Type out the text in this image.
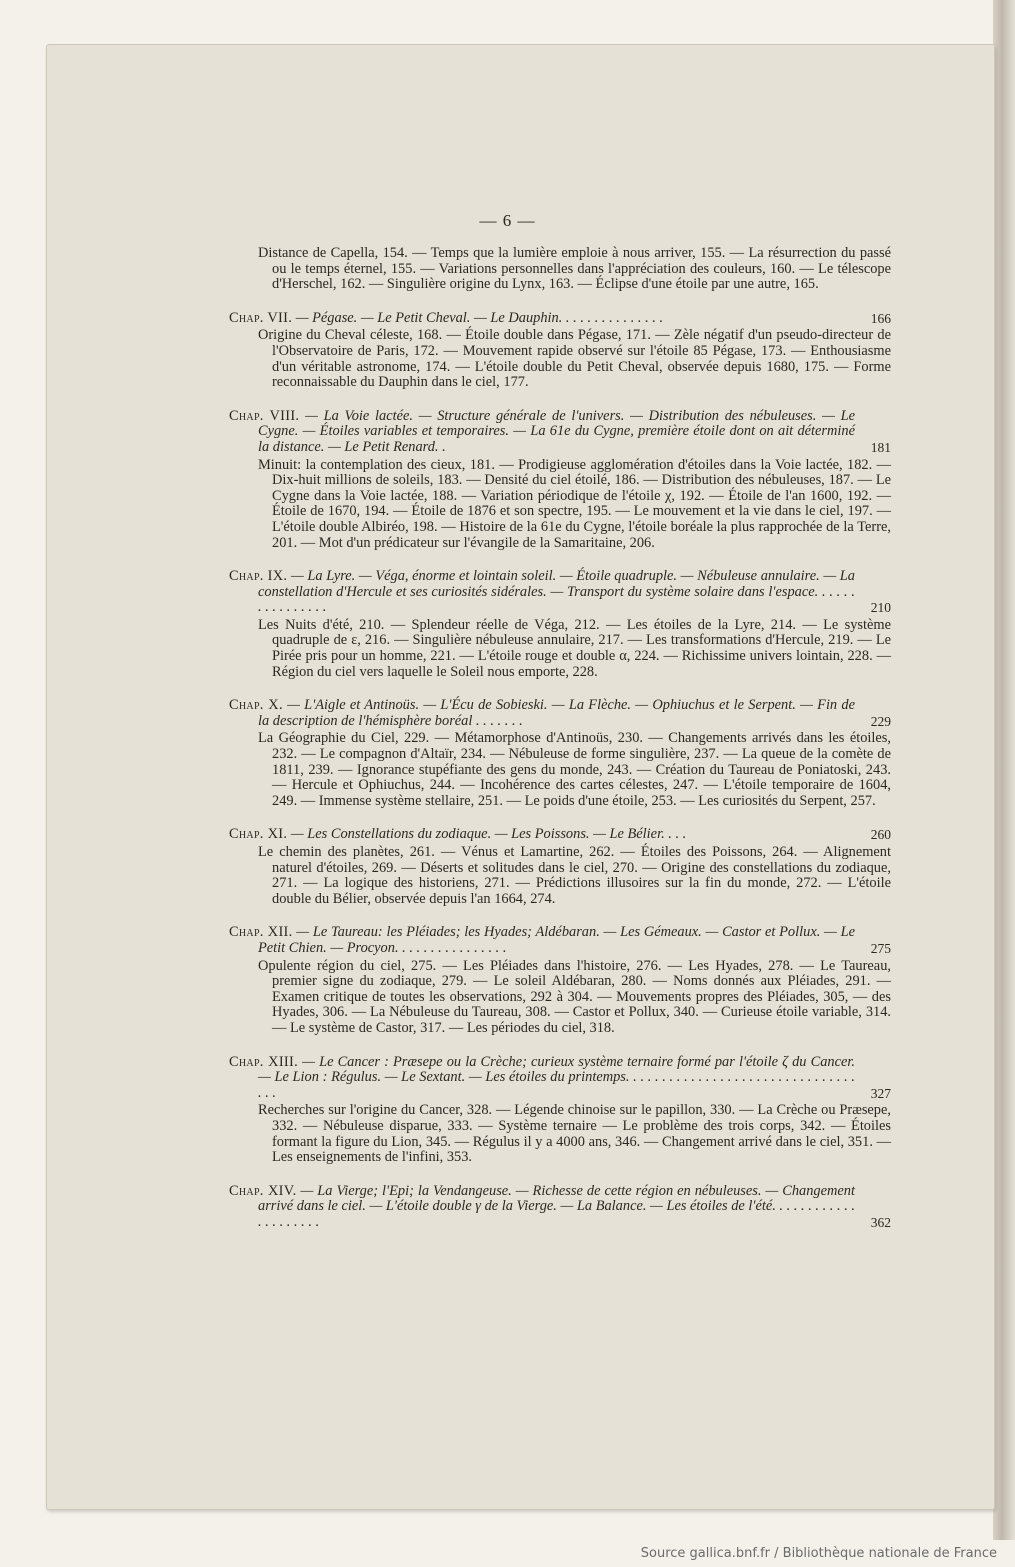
— 6 —
Distance de Capella, 154. — Temps que la lumière emploie à nous arriver, 155. — La résurrection du passé ou le temps éternel, 155. — Variations personnelles dans l'appréciation des couleurs, 160. — Le télescope d'Herschel, 162. — Singulière origine du Lynx, 163. — Éclipse d'une étoile par une autre, 165.
Chap. VII. — Pégase. — Le Petit Cheval. — Le Dauphin. . . . . . . . . . . . . . .	166
Origine du Cheval céleste, 168. — Étoile double dans Pégase, 171. — Zèle négatif d'un pseudo-directeur de l'Observatoire de Paris, 172. — Mouvement rapide observé sur l'étoile 85 Pégase, 173. — Enthousiasme d'un véritable astronome, 174. — L'étoile double du Petit Cheval, observée depuis 1680, 175. — Forme reconnaissable du Dauphin dans le ciel, 177.
Chap. VIII. — La Voie lactée. — Structure générale de l'univers. — Distribution des nébuleuses. — Le Cygne. — Étoiles variables et temporaires. — La 61e du Cygne, première étoile dont on ait déterminé la distance. — Le Petit Renard. .	181
Minuit: la contemplation des cieux, 181. — Prodigieuse agglomération d'étoiles dans la Voie lactée, 182. — Dix-huit millions de soleils, 183. — Densité du ciel étoilé, 186. — Distribution des nébuleuses, 187. — Le Cygne dans la Voie lactée, 188. — Variation périodique de l'étoile χ, 192. — Étoile de l'an 1600, 192. — Étoile de 1670, 194. — Étoile de 1876 et son spectre, 195. — Le mouvement et la vie dans le ciel, 197. — L'étoile double Albiréo, 198. — Histoire de la 61e du Cygne, l'étoile boréale la plus rapprochée de la Terre, 201. — Mot d'un prédicateur sur l'évangile de la Samaritaine, 206.
Chap. IX. — La Lyre. — Véga, énorme et lointain soleil. — Étoile quadruple. — Nébuleuse annulaire. — La constellation d'Hercule et ses curiosités sidérales. — Transport du système solaire dans l'espace. . . . . . . . . . . . . . . .	210
Les Nuits d'été, 210. — Splendeur réelle de Véga, 212. — Les étoiles de la Lyre, 214. — Le système quadruple de ε, 216. — Singulière nébuleuse annulaire, 217. — Les transformations d'Hercule, 219. — Le Pirée pris pour un homme, 221. — L'étoile rouge et double α, 224. — Richissime univers lointain, 228. — Région du ciel vers laquelle le Soleil nous emporte, 228.
Chap. X. — L'Aigle et Antinoüs. — L'Écu de Sobieski. — La Flèche. — Ophiuchus et le Serpent. — Fin de la description de l'hémisphère boréal . . . . . . .	229
La Géographie du Ciel, 229. — Métamorphose d'Antinoüs, 230. — Changements arrivés dans les étoiles, 232. — Le compagnon d'Altaïr, 234. — Nébuleuse de forme singulière, 237. — La queue de la comète de 1811, 239. — Ignorance stupéfiante des gens du monde, 243. — Création du Taureau de Poniatoski, 243. — Hercule et Ophiuchus, 244. — Incohérence des cartes célestes, 247. — L'étoile temporaire de 1604, 249. — Immense système stellaire, 251. — Le poids d'une étoile, 253. — Les curiosités du Serpent, 257.
Chap. XI. — Les Constellations du zodiaque. — Les Poissons. — Le Bélier. . . .	260
Le chemin des planètes, 261. — Vénus et Lamartine, 262. — Étoiles des Poissons, 264. — Alignement naturel d'étoiles, 269. — Déserts et solitudes dans le ciel, 270. — Origine des constellations du zodiaque, 271. — La logique des historiens, 271. — Prédictions illusoires sur la fin du monde, 272. — L'étoile double du Bélier, observée depuis l'an 1664, 274.
Chap. XII. — Le Taureau: les Pléiades; les Hyades; Aldébaran. — Les Gémeaux. — Castor et Pollux. — Le Petit Chien. — Procyon. . . . . . . . . . . . . . . .	275
Opulente région du ciel, 275. — Les Pléiades dans l'histoire, 276. — Les Hyades, 278. — Le Taureau, premier signe du zodiaque, 279. — Le soleil Aldébaran, 280. — Noms donnés aux Pléiades, 291. — Examen critique de toutes les observations, 292 à 304. — Mouvements propres des Pléiades, 305, — des Hyades, 306. — La Nébuleuse du Taureau, 308. — Castor et Pollux, 340. — Curieuse étoile variable, 314. — Le système de Castor, 317. — Les périodes du ciel, 318.
Chap. XIII. — Le Cancer : Præsepe ou la Crèche; curieux système ternaire formé par l'étoile ζ du Cancer. — Le Lion : Régulus. — Le Sextant. — Les étoiles du printemps. . . . . . . . . . . . . . . . . . . . . . . . . . . . . . . . . . .	327
Recherches sur l'origine du Cancer, 328. — Légende chinoise sur le papillon, 330. — La Crèche ou Præsepe, 332. — Nébuleuse disparue, 333. — Système ternaire — Le problème des trois corps, 342. — Étoiles formant la figure du Lion, 345. — Régulus il y a 4000 ans, 346. — Changement arrivé dans le ciel, 351. — Les enseignements de l'infini, 353.
Chap. XIV. — La Vierge; l'Epi; la Vendangeuse. — Richesse de cette région en nébuleuses. — Changement arrivé dans le ciel. — L'étoile double γ de la Vierge. — La Balance. — Les étoiles de l'été. . . . . . . . . . . . . . . . . . . . .	362
Source gallica.bnf.fr / Bibliothèque nationale de France
